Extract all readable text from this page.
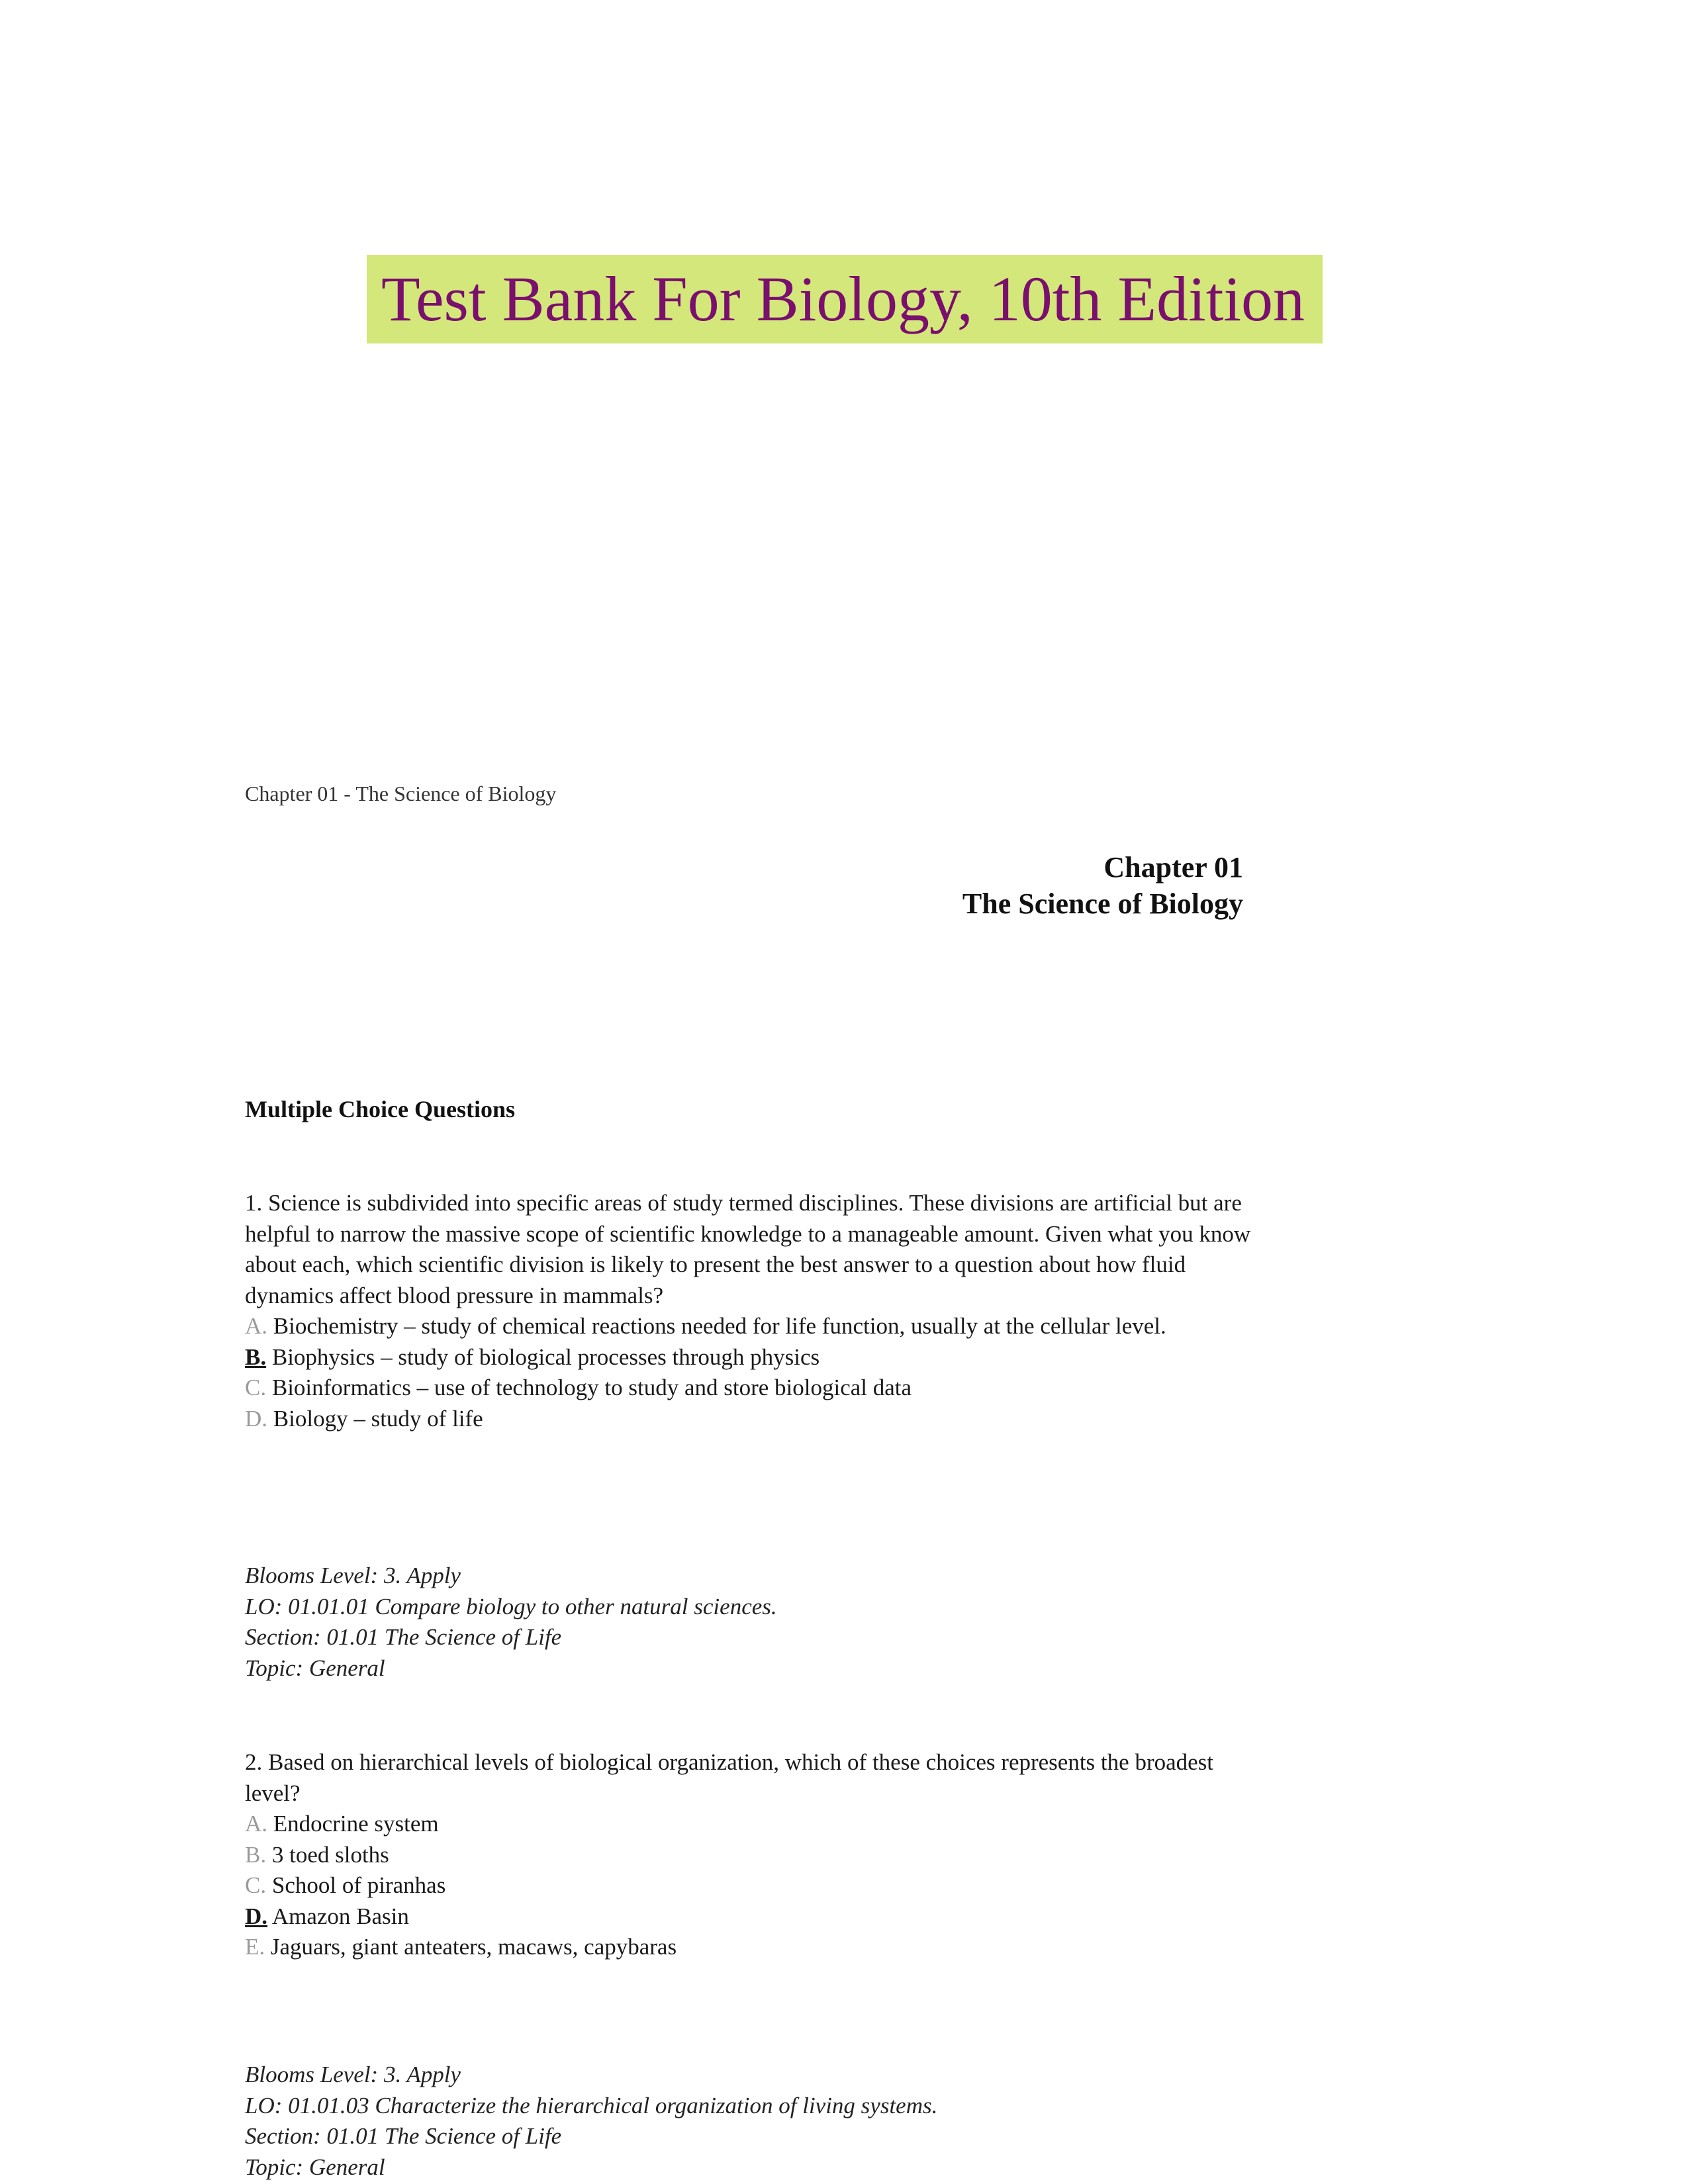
Test Bank For Biology, 10th Edition
Chapter 01 - The Science of Biology
Chapter 01
The Science of Biology
Multiple Choice Questions

1. Science is subdivided into specific areas of study termed disciplines. These divisions are artificial but are helpful to narrow the massive scope of scientific knowledge to a manageable amount. Given what you know about each, which scientific division is likely to present the best answer to a question about how fluid dynamics affect blood pressure in mammals?

A. Biochemistry – study of chemical reactions needed for life function, usually at the cellular level.
B. Biophysics – study of biological processes through physics
C. Bioinformatics – use of technology to study and store biological data
D. Biology – study of life
Blooms Level: 3. Apply
LO: 01.01.01 Compare biology to other natural sciences.
Section: 01.01 The Science of Life
Topic: General

2. Based on hierarchical levels of biological organization, which of these choices represents the broadest level?

A. Endocrine system
B. 3 toed sloths
C. School of piranhas
D. Amazon Basin
E. Jaguars, giant anteaters, macaws, capybaras
Blooms Level: 3. Apply
LO: 01.01.03 Characterize the hierarchical organization of living systems.
Section: 01.01 The Science of Life
Topic: General
